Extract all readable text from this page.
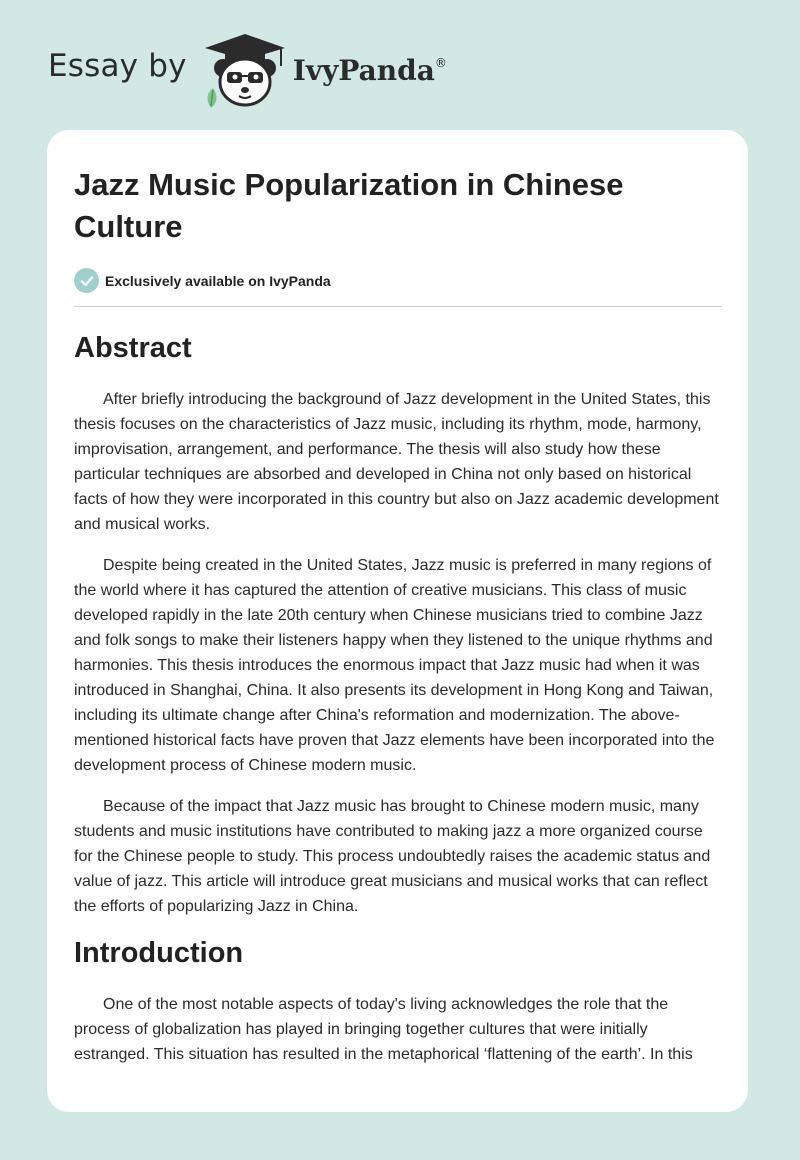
Essay by	IvyPanda®
Jazz Music Popularization in Chinese Culture
Exclusively available on IvyPanda
Abstract

After briefly introducing the background of Jazz development in the United States, this thesis focuses on the characteristics of Jazz music, including its rhythm, mode, harmony, improvisation, arrangement, and performance. The thesis will also study how these particular techniques are absorbed and developed in China not only based on historical facts of how they were incorporated in this country but also on Jazz academic development and musical works.

Despite being created in the United States, Jazz music is preferred in many regions of the world where it has captured the attention of creative musicians. This class of music developed rapidly in the late 20th century when Chinese musicians tried to combine Jazz and folk songs to make their listeners happy when they listened to the unique rhythms and harmonies. This thesis introduces the enormous impact that Jazz music had when it was introduced in Shanghai, China. It also presents its development in Hong Kong and Taiwan, including its ultimate change after China's reformation and modernization. The above-mentioned historical facts have proven that Jazz elements have been incorporated into the development process of Chinese modern music.

Because of the impact that Jazz music has brought to Chinese modern music, many students and music institutions have contributed to making jazz a more organized course for the Chinese people to study. This process undoubtedly raises the academic status and value of jazz. This article will introduce great musicians and musical works that can reflect the efforts of popularizing Jazz in China.

Introduction

One of the most notable aspects of today's living acknowledges the role that the process of globalization has played in bringing together cultures that were initially estranged. This situation has resulted in the metaphorical ‘flattening of the earth’. In this
